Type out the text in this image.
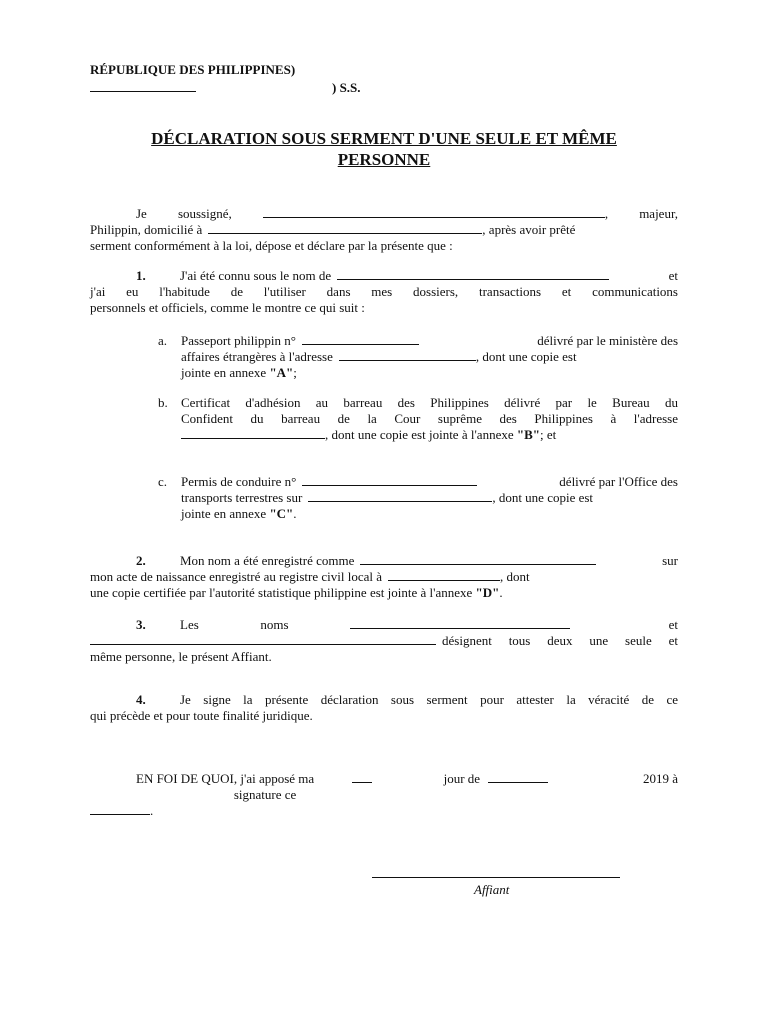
RÉPUBLIQUE DES PHILIPPINES)
) S.S.
DÉCLARATION SOUS SERMENT D'UNE SEULE ET MÊME
PERSONNE
Je soussigné,	, majeur,
Philippin, domicilié à	, après avoir prêté
serment conformément à la loi, dépose et déclare par la présente que :
1.	J'ai été connu sous le nom de	et
j'ai eu l'habitude de l'utiliser dans mes dossiers, transactions et communications
personnels et officiels, comme le montre ce qui suit :
a. Passeport philippin n°	délivré par le ministère des
affaires étrangères à l'adresse	, dont une copie est
jointe en annexe "A";
b. Certificat d'adhésion au barreau des Philippines délivré par le Bureau du
Confident du barreau de la Cour suprême des Philippines à l'adresse
, dont une copie est jointe à l'annexe "B"; et
c. Permis de conduire n°	délivré par l'Office des
transports terrestres sur	, dont une copie est
jointe en annexe "C".
2.	Mon nom a été enregistré comme	sur
mon acte de naissance enregistré au registre civil local à	, dont
une copie certifiée par l'autorité statistique philippine est jointe à l'annexe "D".
3.	Les	noms	et
désignent tous deux une seule et
même personne, le présent Affiant.
4.	Je signe la présente déclaration sous serment pour attester la véracité de ce
qui précède et pour toute finalité juridique.
EN FOI DE QUOI , j'ai apposé ma signature ce
jour de	2019 à
.
Affiant
